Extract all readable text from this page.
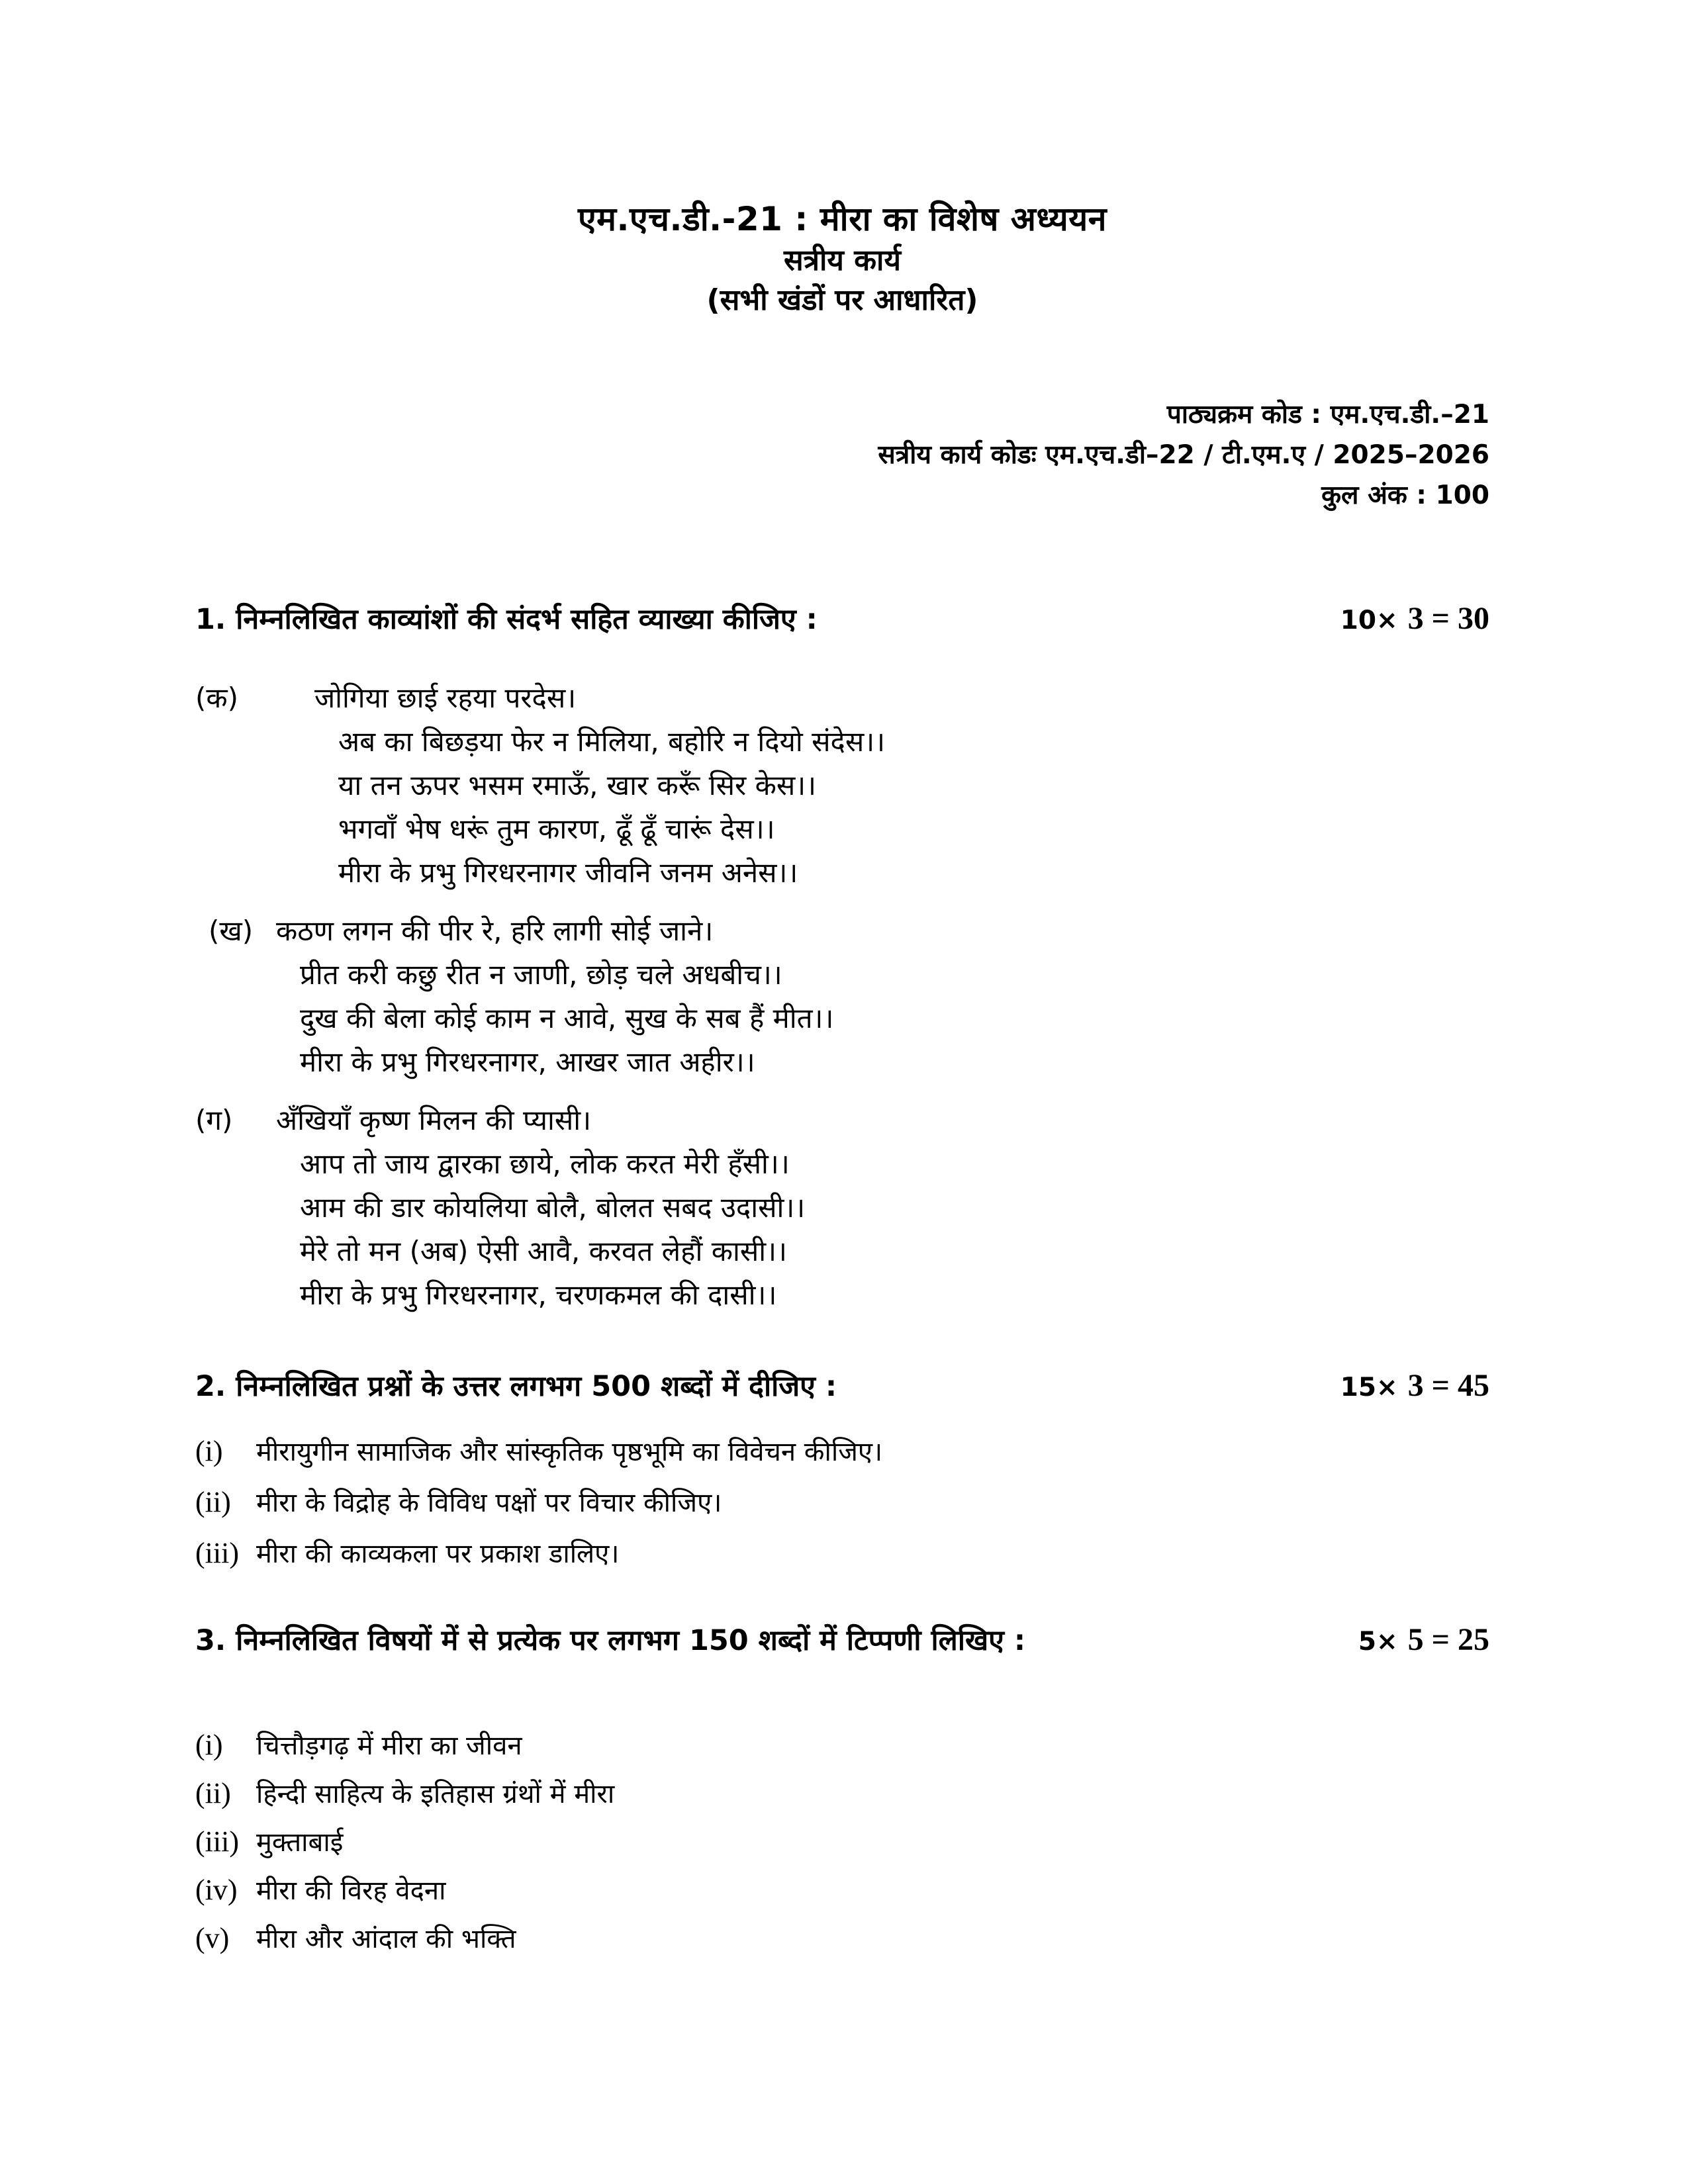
एम.एच.डी.-21 : मीरा का विशेष अध्ययन
सत्रीय कार्य
(सभी खंडों पर आधारित)
पाठ्यक्रम कोड : एम.एच.डी.–21
सत्रीय कार्य कोडः एम.एच.डी–22 / टी.एम.ए / 2025–2026
कुल अंक : 100
1. निम्नलिखित काव्यांशों की संदर्भ सहित व्याख्या कीजिए :	10× 3 = 30
(क)	जोगिया छाई रहया परदेस।
अब का बिछड़या फेर न मिलिया, बहोरि न दियो संदेस।।
या तन ऊपर भसम रमाऊँ, खार करूँ सिर केस।।
भगवाँ भेष धरूं तुम कारण, ढूँ ढूँ चारूं देस।।
मीरा के प्रभु गिरधरनागर जीवनि जनम अनेस।।
(ख) कठण लगन की पीर रे, हरि लागी सोई जाने।
प्रीत करी कछु रीत न जाणी, छोड़ चले अधबीच।।
दुख की बेला कोई काम न आवे, सुख के सब हैं मीत।।
मीरा के प्रभु गिरधरनागर, आखर जात अहीर।।
(ग)	अँखियाँ कृष्ण मिलन की प्यासी।
आप तो जाय द्वारका छाये, लोक करत मेरी हँसी।।
आम की डार कोयलिया बोलै, बोलत सबद उदासी।।
मेरे तो मन (अब) ऐसी आवै, करवत लेहौं कासी।।
मीरा के प्रभु गिरधरनागर, चरणकमल की दासी।।
2. निम्नलिखित प्रश्नों के उत्तर लगभग 500 शब्दों में दीजिए :	15× 3 = 45
(i)	मीरायुगीन सामाजिक और सांस्कृतिक पृष्ठभूमि का विवेचन कीजिए।
(ii) मीरा के विद्रोह के विविध पक्षों पर विचार कीजिए।
(iii) मीरा की काव्यकला पर प्रकाश डालिए।
3. निम्नलिखित विषयों में से प्रत्येक पर लगभग 150 शब्दों में टिप्पणी लिखिए :	5× 5 = 25
(i)	चित्तौड़गढ़ में मीरा का जीवन
(ii) हिन्दी साहित्य के इतिहास ग्रंथों में मीरा
(iii) मुक्ताबाई
(iv) मीरा की विरह वेदना
(v)	मीरा और आंदाल की भक्ति
